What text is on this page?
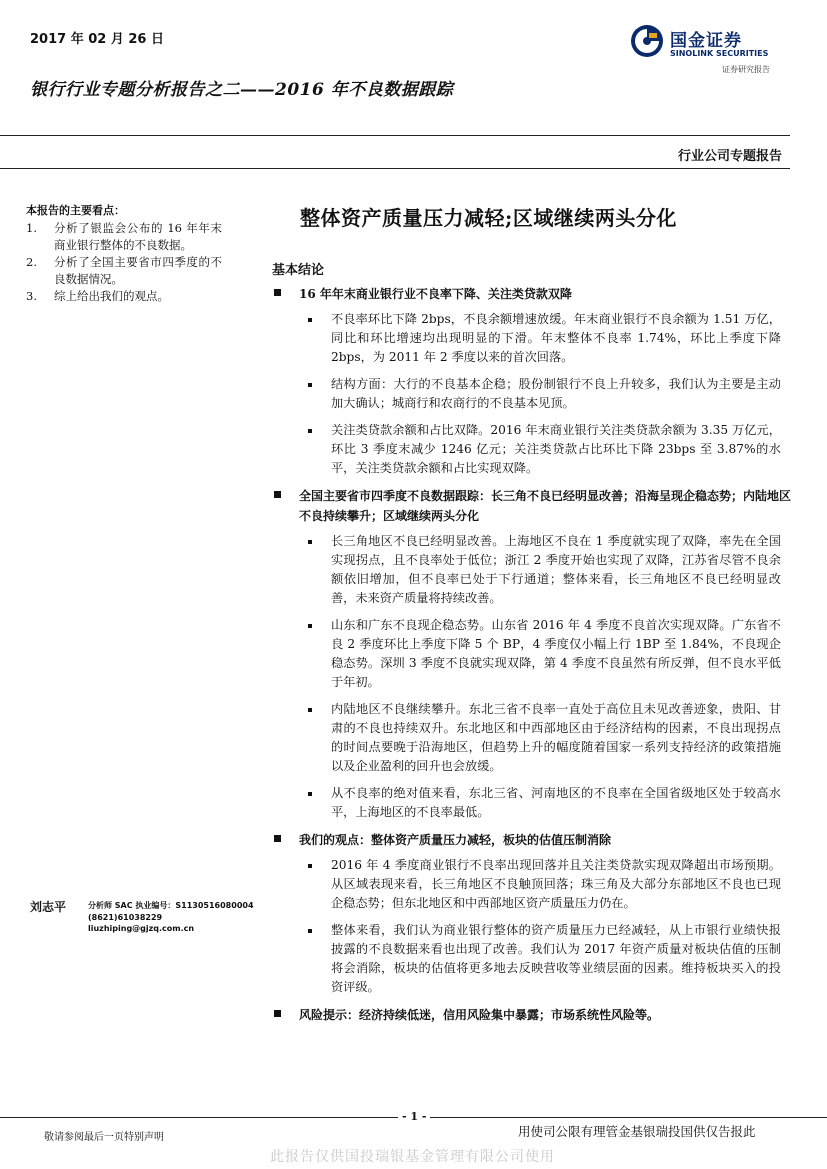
2017 年 02 月 26 日
银行行业专题分析报告之二——2016 年不良数据跟踪
国金证券
SINOLINK SECURITIES
证券研究报告
行业公司专题报告
本报告的主要看点：
1.	分析了银监会公布的 16 年年末商业银行整体的不良数据。
2.	分析了全国主要省市四季度的不良数据情况。
3.	综上给出我们的观点。
整体资产质量压力减轻;区域继续两头分化
基本结论
16 年年末商业银行业不良率下降、关注类贷款双降
不良率环比下降 2bps，不良余额增速放缓。年末商业银行不良余额为 1.51 万亿，同比和环比增速均出现明显的下滑。年末整体不良率 1.74%，环比上季度下降 2bps，为 2011 年 2 季度以来的首次回落。
结构方面：大行的不良基本企稳；股份制银行不良上升较多，我们认为主要是主动加大确认；城商行和农商行的不良基本见顶。
关注类贷款余额和占比双降。2016 年末商业银行关注类贷款余额为 3.35 万亿元，环比 3 季度末减少 1246 亿元；关注类贷款占比环比下降 23bps 至 3.87%的水平，关注类贷款余额和占比实现双降。
全国主要省市四季度不良数据跟踪：长三角不良已经明显改善；沿海呈现企稳态势；内陆地区不良持续攀升；区域继续两头分化
长三角地区不良已经明显改善。上海地区不良在 1 季度就实现了双降，率先在全国实现拐点，且不良率处于低位；浙江 2 季度开始也实现了双降，江苏省尽管不良余额依旧增加，但不良率已处于下行通道；整体来看，长三角地区不良已经明显改善，未来资产质量将持续改善。
山东和广东不良现企稳态势。山东省 2016 年 4 季度不良首次实现双降。广东省不良 2 季度环比上季度下降 5 个 BP，4 季度仅小幅上行 1BP 至 1.84%，不良现企稳态势。深圳 3 季度不良就实现双降，第 4 季度不良虽然有所反弹，但不良水平低于年初。
内陆地区不良继续攀升。东北三省不良率一直处于高位且未见改善迹象，贵阳、甘肃的不良也持续双升。东北地区和中西部地区由于经济结构的因素，不良出现拐点的时间点要晚于沿海地区，但趋势上升的幅度随着国家一系列支持经济的政策措施以及企业盈利的回升也会放缓。
从不良率的绝对值来看，东北三省、河南地区的不良率在全国省级地区处于较高水平，上海地区的不良率最低。
我们的观点：整体资产质量压力减轻，板块的估值压制消除
2016 年 4 季度商业银行不良率出现回落并且关注类贷款实现双降超出市场预期。从区域表现来看，长三角地区不良触顶回落；珠三角及大部分东部地区不良也已现企稳态势；但东北地区和中西部地区资产质量压力仍在。
整体来看，我们认为商业银行整体的资产质量压力已经减轻，从上市银行业绩快报披露的不良数据来看也出现了改善。我们认为 2017 年资产质量对板块估值的压制将会消除，板块的估值将更多地去反映营收等业绩层面的因素。维持板块买入的投资评级。
风险提示：经济持续低迷，信用风险集中暴露；市场系统性风险等。
刘志平	分析师 SAC 执业编号：S1130516080004
(8621)61038229
liuzhiping@gjzq.com.cn
- 1 -
敬请参阅最后一页特别声明	用使司公限有理管金基银瑞投国供仅告报此
此报告仅供国投瑞银基金管理有限公司使用
